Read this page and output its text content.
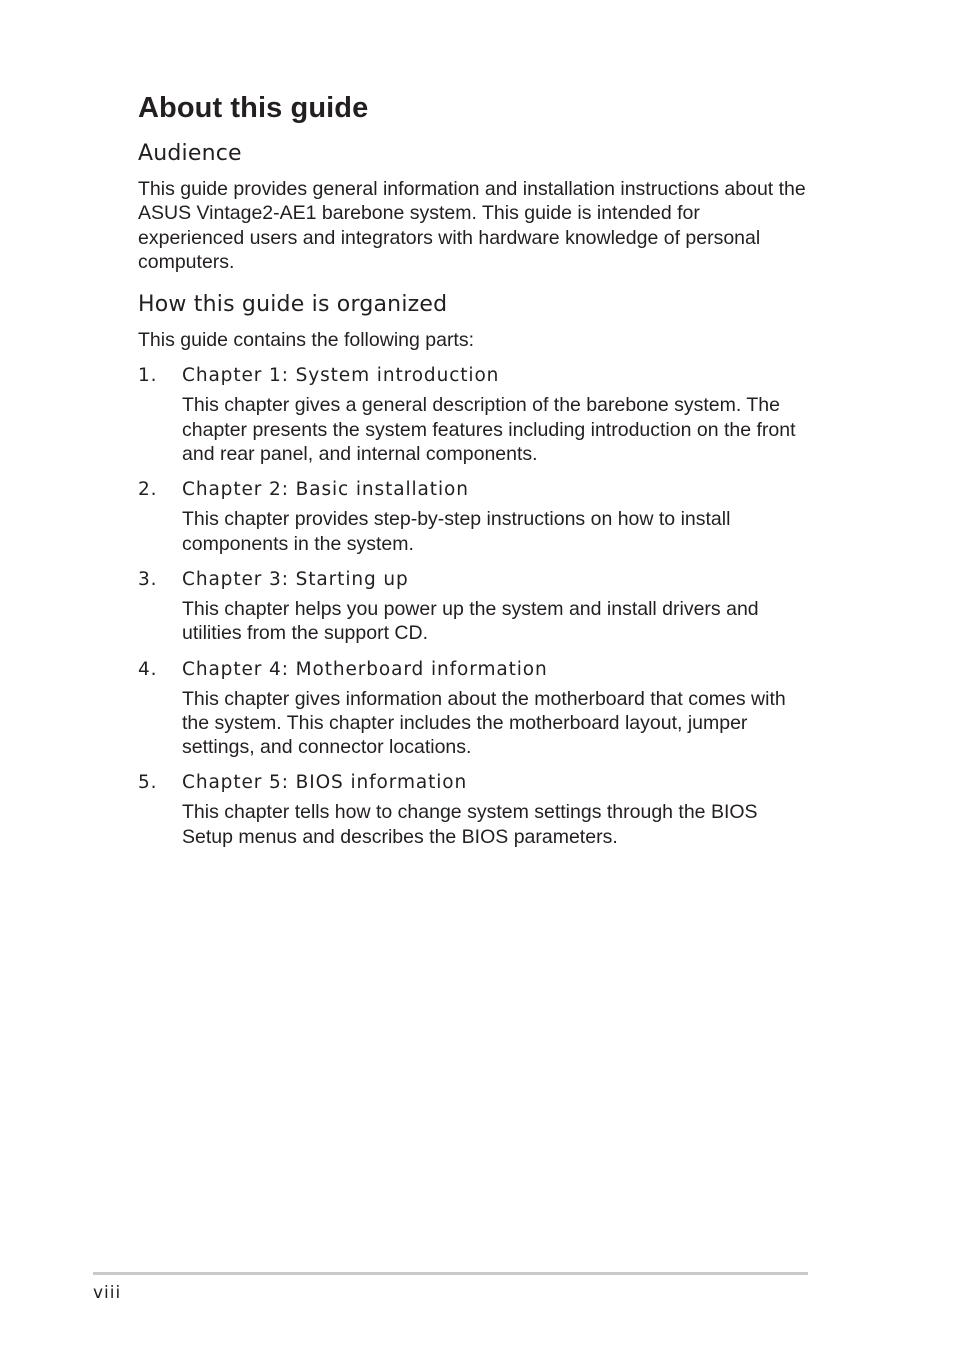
About this guide
Audience

This guide provides general information and installation instructions about the ASUS Vintage2-AE1 barebone system. This guide is intended for experienced users and integrators with hardware knowledge of personal computers.

How this guide is organized

This guide contains the following parts:

1.	Chapter 1: System introduction

This chapter gives a general description of the barebone system. The chapter presents the system features including introduction on the front and rear panel, and internal components.

2.	Chapter 2: Basic installation

This chapter provides step-by-step instructions on how to install components in the system.

3.	Chapter 3: Starting up

This chapter helps you power up the system and install drivers and utilities from the support CD.

4.	Chapter 4: Motherboard information

This chapter gives information about the motherboard that comes with the system. This chapter includes the motherboard layout, jumper settings, and connector locations.

5.	Chapter 5: BIOS information

This chapter tells how to change system settings through the BIOS Setup menus and describes the BIOS parameters.

viii
